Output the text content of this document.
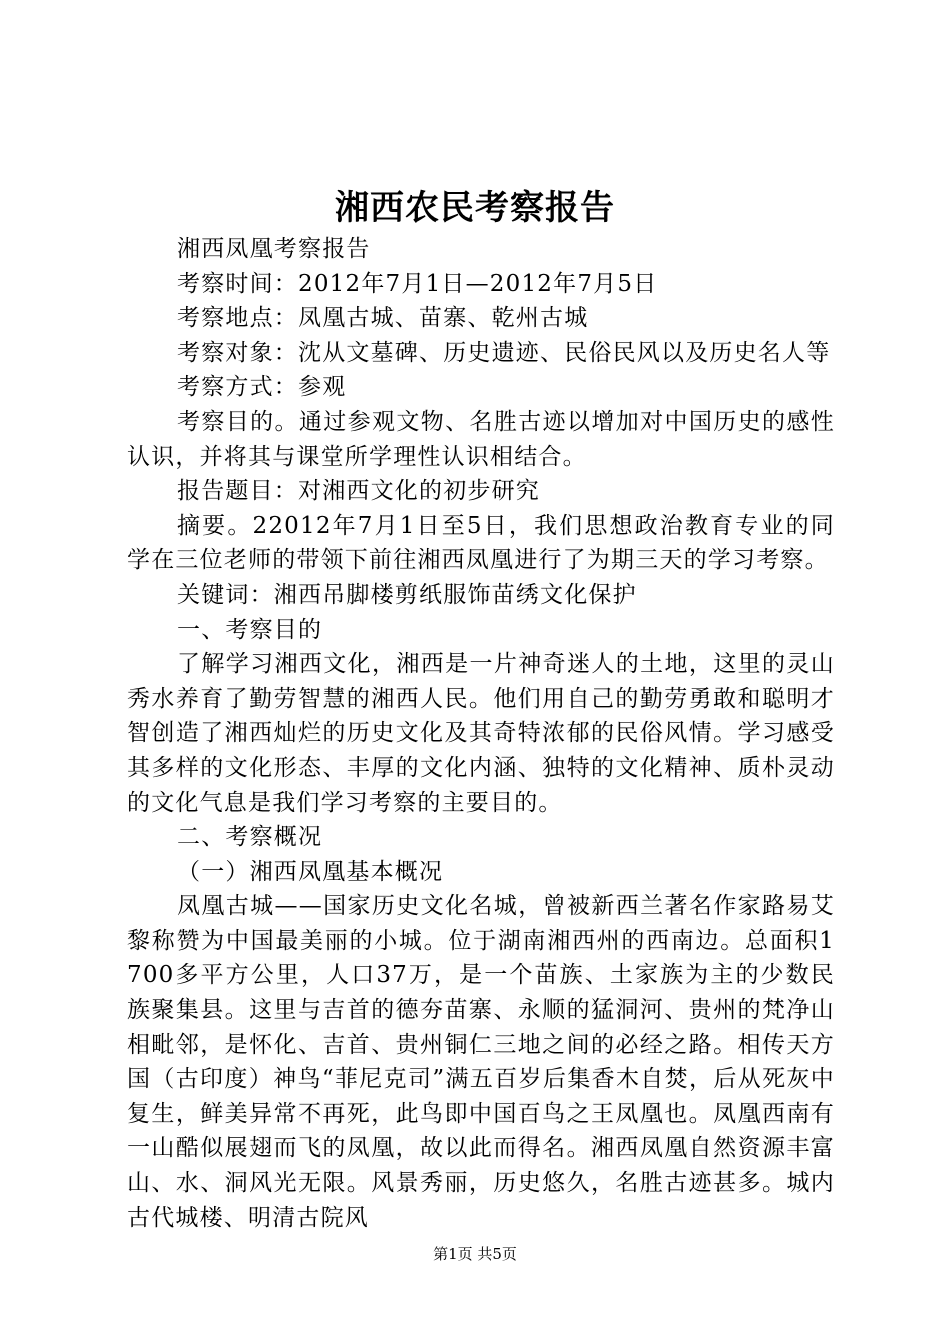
湘西农民考察报告

湘西凤凰考察报告

考察时间：2012年7月1日—2012年7月5日

考察地点：凤凰古城、苗寨、乾州古城

考察对象：沈从文墓碑、历史遗迹、民俗民风以及历史名人等

考察方式：参观

考察目的。通过参观文物、名胜古迹以增加对中国历史的感性认识，并将其与课堂所学理性认识相结合。

报告题目：对湘西文化的初步研究

摘要。22012年7月1日至5日，我们思想政治教育专业的同学在三位老师的带领下前往湘西凤凰进行了为期三天的学习考察。

关键词：湘西吊脚楼剪纸服饰苗绣文化保护

一、考察目的

了解学习湘西文化，湘西是一片神奇迷人的土地，这里的灵山秀水养育了勤劳智慧的湘西人民。他们用自己的勤劳勇敢和聪明才智创造了湘西灿烂的历史文化及其奇特浓郁的民俗风情。学习感受其多样的文化形态、丰厚的文化内涵、独特的文化精神、质朴灵动的文化气息是我们学习考察的主要目的。

二、考察概况

（一）湘西凤凰基本概况

凤凰古城——国家历史文化名城，曾被新西兰著名作家路易艾黎称赞为中国最美丽的小城。位于湖南湘西州的西南边。总面积1700多平方公里，人口37万，是一个苗族、土家族为主的少数民族聚集县。这里与吉首的德夯苗寨、永顺的猛洞河、贵州的梵净山相毗邻，是怀化、吉首、贵州铜仁三地之间的必经之路。相传天方国（古印度）神鸟“菲尼克司”满五百岁后集香木自焚，后从死灰中复生，鲜美异常不再死，此鸟即中国百鸟之王凤凰也。凤凰西南有一山酷似展翅而飞的凤凰，故以此而得名。湘西凤凰自然资源丰富山、水、洞风光无限。风景秀丽，历史悠久，名胜古迹甚多。城内古代城楼、明清古院风

第1页 共5页
